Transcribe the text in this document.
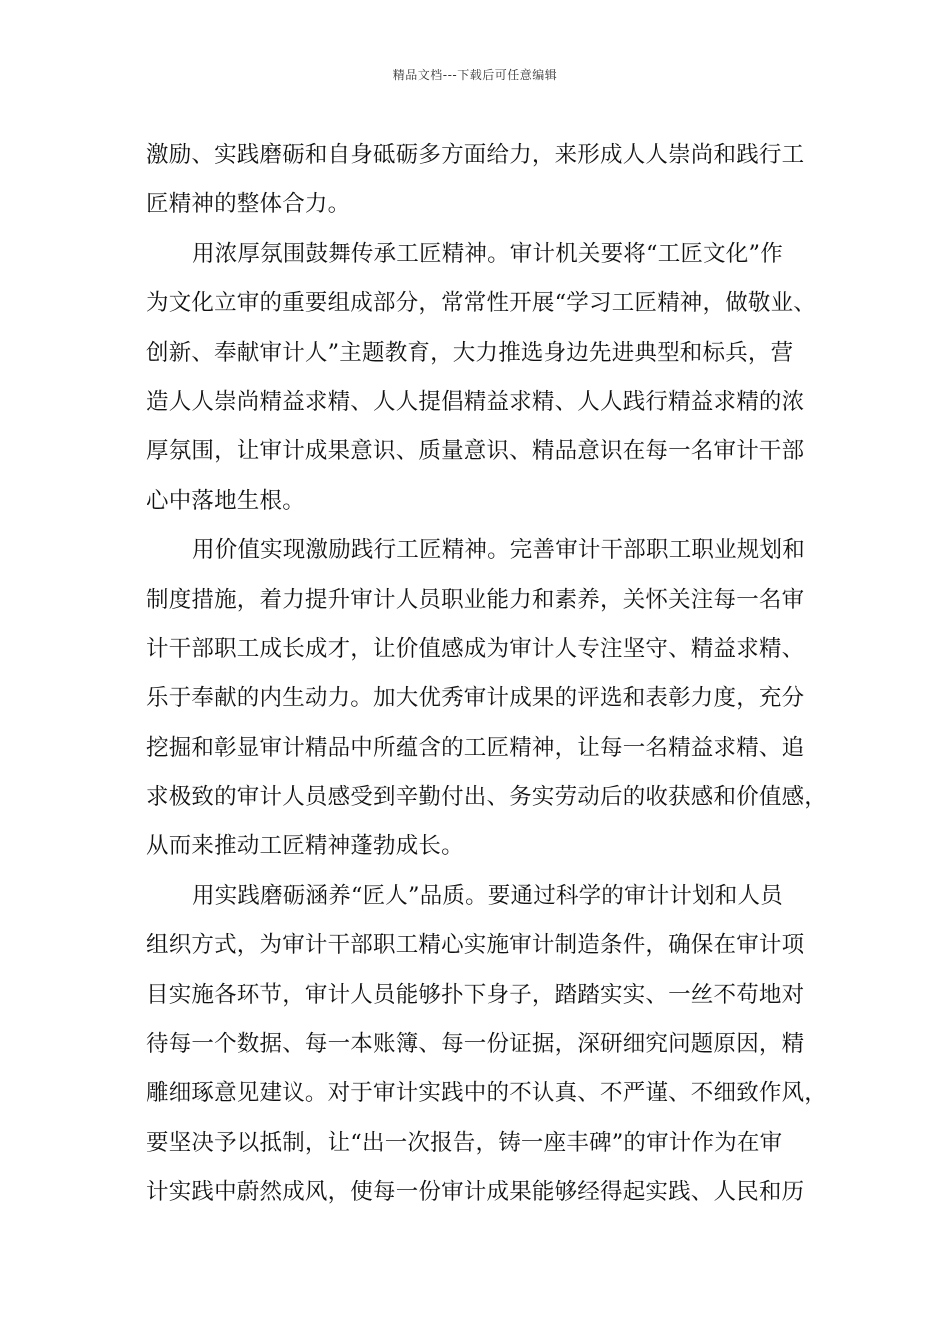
精品文档---下载后可任意编辑
激励、实践磨砺和自身砥砺多方面给力，来形成人人崇尚和践行工
匠精神的整体合力。
用浓厚氛围鼓舞传承工匠精神。审计机关要将“工匠文化”作
为文化立审的重要组成部分，常常性开展“学习工匠精神，做敬业、
创新、奉献审计人”主题教育，大力推选身边先进典型和标兵，营
造人人崇尚精益求精、人人提倡精益求精、人人践行精益求精的浓
厚氛围，让审计成果意识、质量意识、精品意识在每一名审计干部
心中落地生根。
用价值实现激励践行工匠精神。完善审计干部职工职业规划和
制度措施，着力提升审计人员职业能力和素养，关怀关注每一名审
计干部职工成长成才，让价值感成为审计人专注坚守、精益求精、
乐于奉献的内生动力。加大优秀审计成果的评选和表彰力度，充分
挖掘和彰显审计精品中所蕴含的工匠精神，让每一名精益求精、追
求极致的审计人员感受到辛勤付出、务实劳动后的收获感和价值感，
从而来推动工匠精神蓬勃成长。
用实践磨砺涵养“匠人”品质。要通过科学的审计计划和人员
组织方式，为审计干部职工精心实施审计制造条件，确保在审计项
目实施各环节，审计人员能够扑下身子，踏踏实实、一丝不苟地对
待每一个数据、每一本账簿、每一份证据，深研细究问题原因，精
雕细琢意见建议。对于审计实践中的不认真、不严谨、不细致作风，
要坚决予以抵制，让“出一次报告，铸一座丰碑”的审计作为在审
计实践中蔚然成风，使每一份审计成果能够经得起实践、人民和历
